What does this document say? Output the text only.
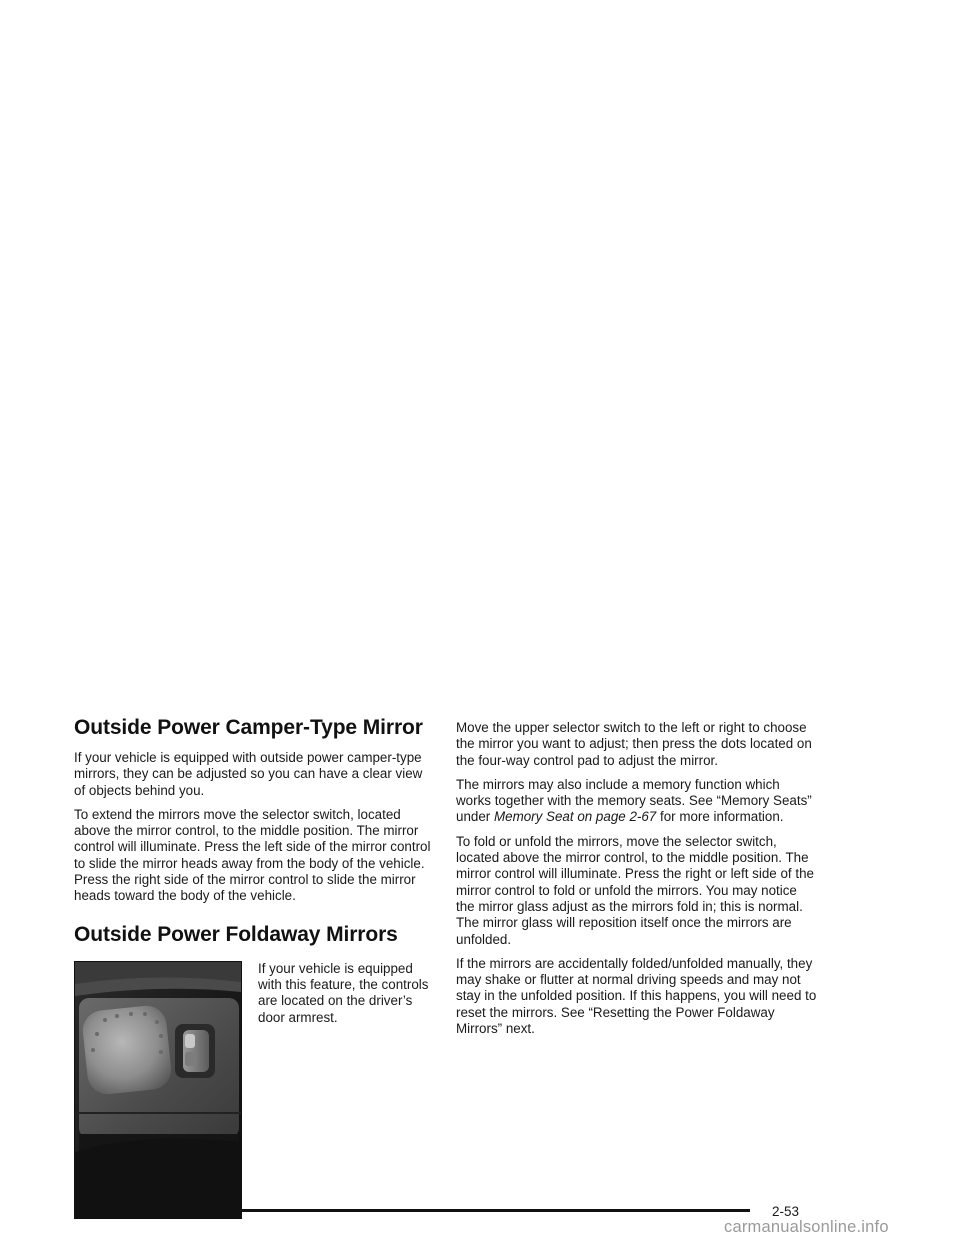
Outside Power Camper-Type Mirror

If your vehicle is equipped with outside power camper-type mirrors, they can be adjusted so you can have a clear view of objects behind you.

To extend the mirrors move the selector switch, located above the mirror control, to the middle position. The mirror control will illuminate. Press the left side of the mirror control to slide the mirror heads away from the body of the vehicle. Press the right side of the mirror control to slide the mirror heads toward the body of the vehicle.

Outside Power Foldaway Mirrors

If your vehicle is equipped with this feature, the controls are located on the driver’s door armrest.

Move the upper selector switch to the left or right to choose the mirror you want to adjust; then press the dots located on the four-way control pad to adjust the mirror.

The mirrors may also include a memory function which works together with the memory seats. See “Memory Seats” under Memory Seat on page 2-67 for more information.

To fold or unfold the mirrors, move the selector switch, located above the mirror control, to the middle position. The mirror control will illuminate. Press the right or left side of the mirror control to fold or unfold the mirrors. You may notice the mirror glass adjust as the mirrors fold in; this is normal. The mirror glass will reposition itself once the mirrors are unfolded.

If the mirrors are accidentally folded/unfolded manually, they may shake or flutter at normal driving speeds and may not stay in the unfolded position. If this happens, you will need to reset the mirrors. See “Resetting the Power Foldaway Mirrors” next.

2-53
carmanualsonline.info
